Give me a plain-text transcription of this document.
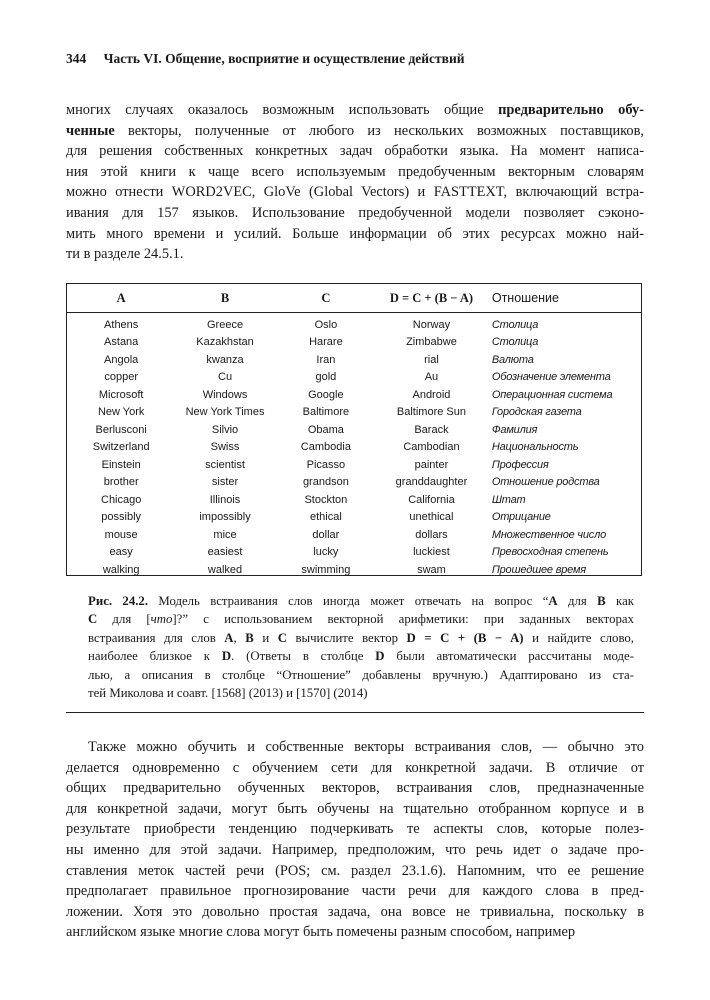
344 Часть VI. Общение, восприятие и осуществление действий
многих случаях оказалось возможным использовать общие предварительно обу-
ченные векторы, полученные от любого из нескольких возможных поставщиков,
для решения собственных конкретных задач обработки языка. На момент написа-
ния этой книги к чаще всего используемым предобученным векторным словарям
можно отнести WORD2VEC, GloVe (Global Vectors) и FASTTEXT, включающий встра-
ивания для 157 языков. Использование предобученной модели позволяет сэконо-
мить много времени и усилий. Больше информации об этих ресурсах можно най-
ти в разделе 24.5.1.
A	B	C	D = C + (B − A)	Отношение
Athens	Greece	Oslo	Norway	Столица
Astana	Kazakhstan	Harare	Zimbabwe	Столица
Angola	kwanza	Iran	rial	Валюта
copper	Cu	gold	Au	Обозначение элемента
Microsoft	Windows	Google	Android	Операционная система
New York	New York Times	Baltimore	Baltimore Sun	Городская газета
Berlusconi	Silvio	Obama	Barack	Фамилия
Switzerland	Swiss	Cambodia	Cambodian	Национальность
Einstein	scientist	Picasso	painter	Профессия
brother	sister	grandson	granddaughter	Отношение родства
Chicago	Illinois	Stockton	California	Штат
possibly	impossibly	ethical	unethical	Отрицание
mouse	mice	dollar	dollars	Множественное число
easy	easiest	lucky	luckiest	Превосходная степень
walking	walked	swimming	swam	Прошедшее время
Рис. 24.2. Модель встраивания слов иногда может отвечать на вопрос “A для B как
C для [что]?” с использованием векторной арифметики: при заданных векторах
встраивания для слов A, B и C вычислите вектор D = C + (B − A) и найдите слово,
наиболее близкое к D. (Ответы в столбце D были автоматически рассчитаны моде-
лью, а описания в столбце “Отношение” добавлены вручную.) Адаптировано из ста-
тей Миколова и соавт. [1568] (2013) и [1570] (2014)
Также можно обучить и собственные векторы встраивания слов, — обычно это
делается одновременно с обучением сети для конкретной задачи. В отличие от
общих предварительно обученных векторов, встраивания слов, предназначенные
для конкретной задачи, могут быть обучены на тщательно отобранном корпусе и в
результате приобрести тенденцию подчеркивать те аспекты слов, которые полез-
ны именно для этой задачи. Например, предположим, что речь идет о задаче про-
ставления меток частей речи (POS; см. раздел 23.1.6). Напомним, что ее решение
предполагает правильное прогнозирование части речи для каждого слова в пред-
ложении. Хотя это довольно простая задача, она вовсе не тривиальна, поскольку в
английском языке многие слова могут быть помечены разным способом, например
